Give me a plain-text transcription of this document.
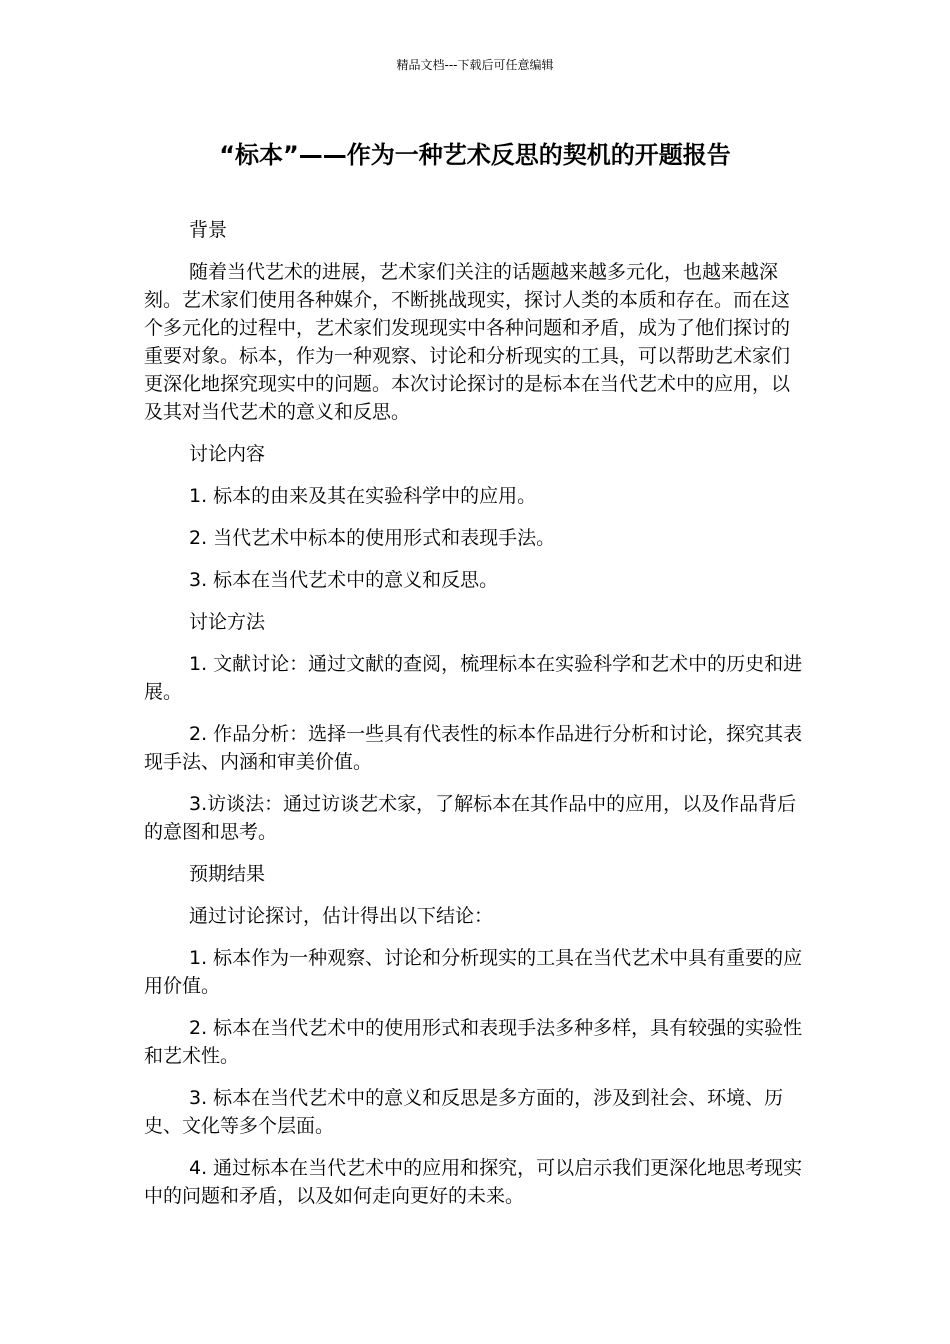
精品文档---下载后可任意编辑
“标本”——作为一种艺术反思的契机的开题报告

背景

随着当代艺术的进展，艺术家们关注的话题越来越多元化，也越来越深刻。艺术家们使用各种媒介，不断挑战现实，探讨人类的本质和存在。而在这个多元化的过程中，艺术家们发现现实中各种问题和矛盾，成为了他们探讨的重要对象。标本，作为一种观察、讨论和分析现实的工具，可以帮助艺术家们更深化地探究现实中的问题。本次讨论探讨的是标本在当代艺术中的应用，以及其对当代艺术的意义和反思。

讨论内容

1. 标本的由来及其在实验科学中的应用。

2. 当代艺术中标本的使用形式和表现手法。

3. 标本在当代艺术中的意义和反思。

讨论方法

1. 文献讨论：通过文献的查阅，梳理标本在实验科学和艺术中的历史和进展。

2. 作品分析：选择一些具有代表性的标本作品进行分析和讨论，探究其表现手法、内涵和审美价值。

3.访谈法：通过访谈艺术家，了解标本在其作品中的应用，以及作品背后的意图和思考。

预期结果

通过讨论探讨，估计得出以下结论：

1. 标本作为一种观察、讨论和分析现实的工具在当代艺术中具有重要的应用价值。

2. 标本在当代艺术中的使用形式和表现手法多种多样，具有较强的实验性和艺术性。

3. 标本在当代艺术中的意义和反思是多方面的，涉及到社会、环境、历史、文化等多个层面。

4. 通过标本在当代艺术中的应用和探究，可以启示我们更深化地思考现实中的问题和矛盾，以及如何走向更好的未来。
